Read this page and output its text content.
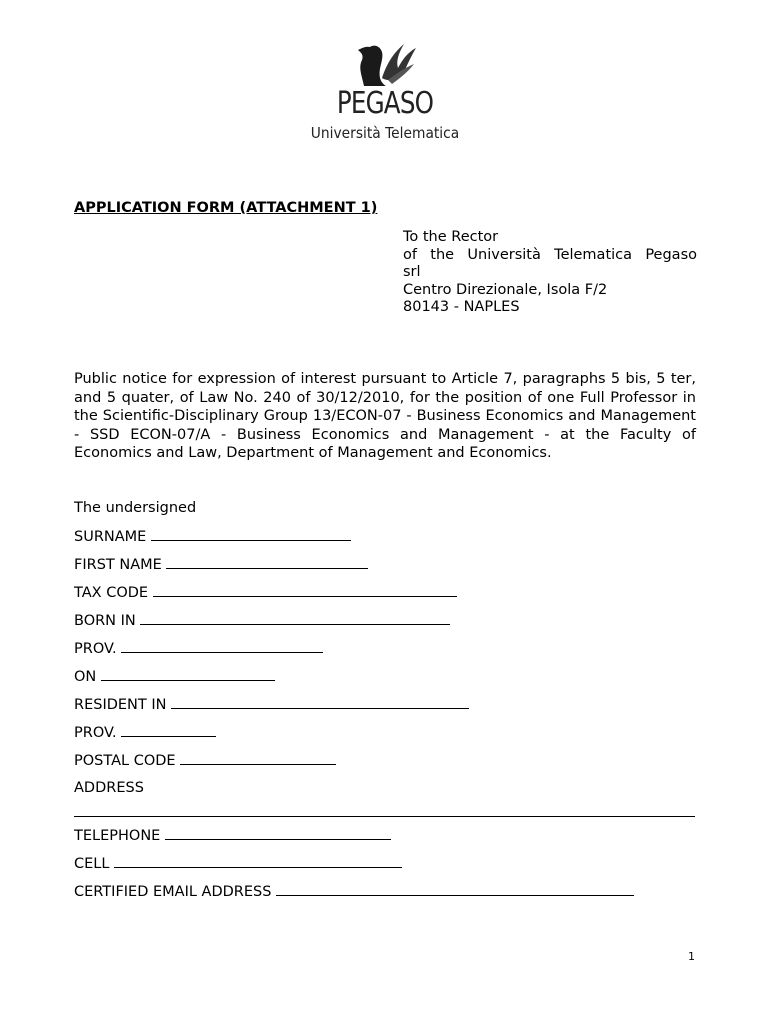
PEGASO
Università Telematica
APPLICATION FORM (ATTACHMENT 1)
To the Rector
of the Università Telematica Pegaso
srl
Centro Direzionale, Isola F/2
80143 - NAPLES
Public notice for expression of interest pursuant to Article 7, paragraphs 5 bis, 5 ter, and 5 quater, of Law No. 240 of 30/12/2010, for the position of one Full Professor in the Scientific-Disciplinary Group 13/ECON-07 - Business Economics and Management - SSD ECON-07/A - Business Economics and Management - at the Faculty of Economics and Law, Department of Management and Economics.
The undersigned
SURNAME
FIRST NAME
TAX CODE
BORN IN
PROV.
ON
RESIDENT IN
PROV.
POSTAL CODE
ADDRESS
TELEPHONE
CELL
CERTIFIED EMAIL ADDRESS
1
